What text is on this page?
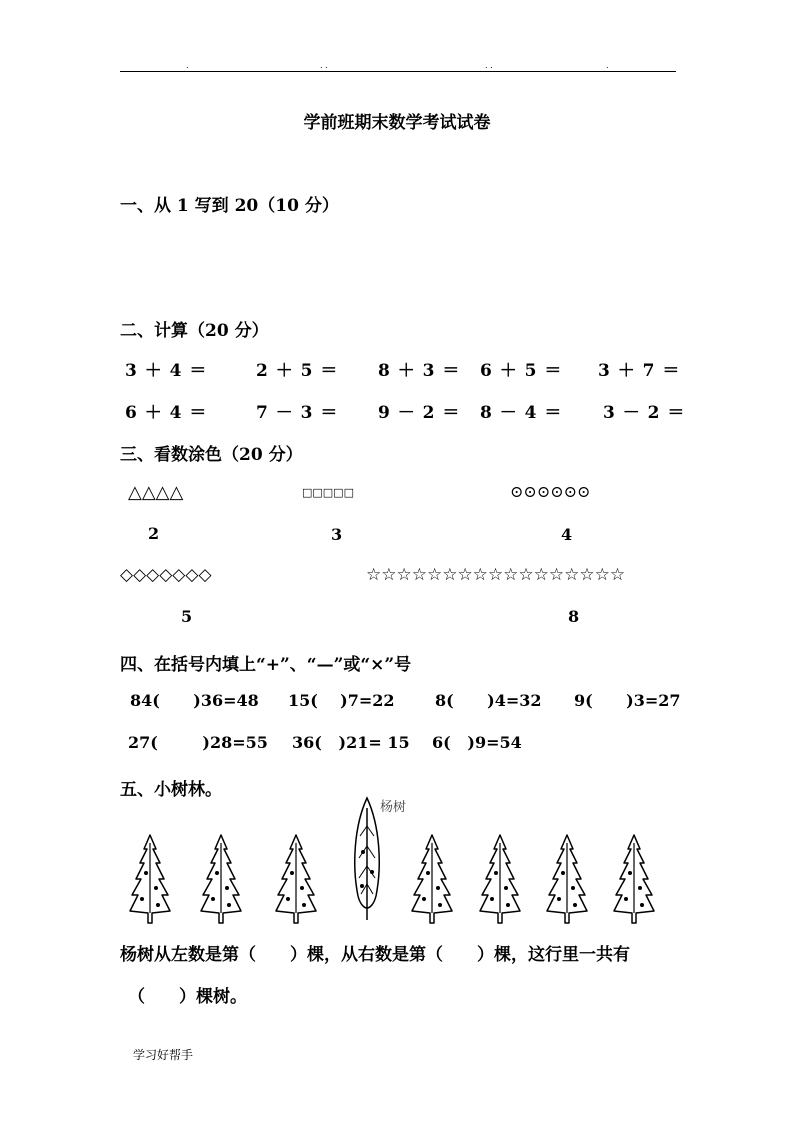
.	. .	. .	.
学前班期末数学考试试卷
一、从 1 写到 20（10 分）
二、计算（20 分）
3 ＋ 4 ＝	2 ＋ 5 ＝ 8 ＋ 3 ＝ 6 ＋ 5 ＝ 3 ＋ 7 ＝
6 ＋ 4 ＝	7 － 3 ＝ 9 － 2 ＝ 8 － 4 ＝ 3 － 2 ＝
三、看数涂色（20 分）
△△△△	□□□□□	⊙⊙⊙⊙⊙⊙
2	3	4
◇◇◇◇◇◇◇	☆☆☆☆☆☆☆☆☆☆☆☆☆☆☆☆☆
5	8
四、在括号内填上“+”、“—”或“×”号
84(      )36=48 15(    )7=22	8(      )4=32 9(      )3=27
27(        )28=55 36(   )21= 15 6(   )9=54
五、小树林。
杨树
杨树从左数是第（　　）棵，从右数是第（　　）棵，这行里一共有
（　　）棵树。
学习好帮手
